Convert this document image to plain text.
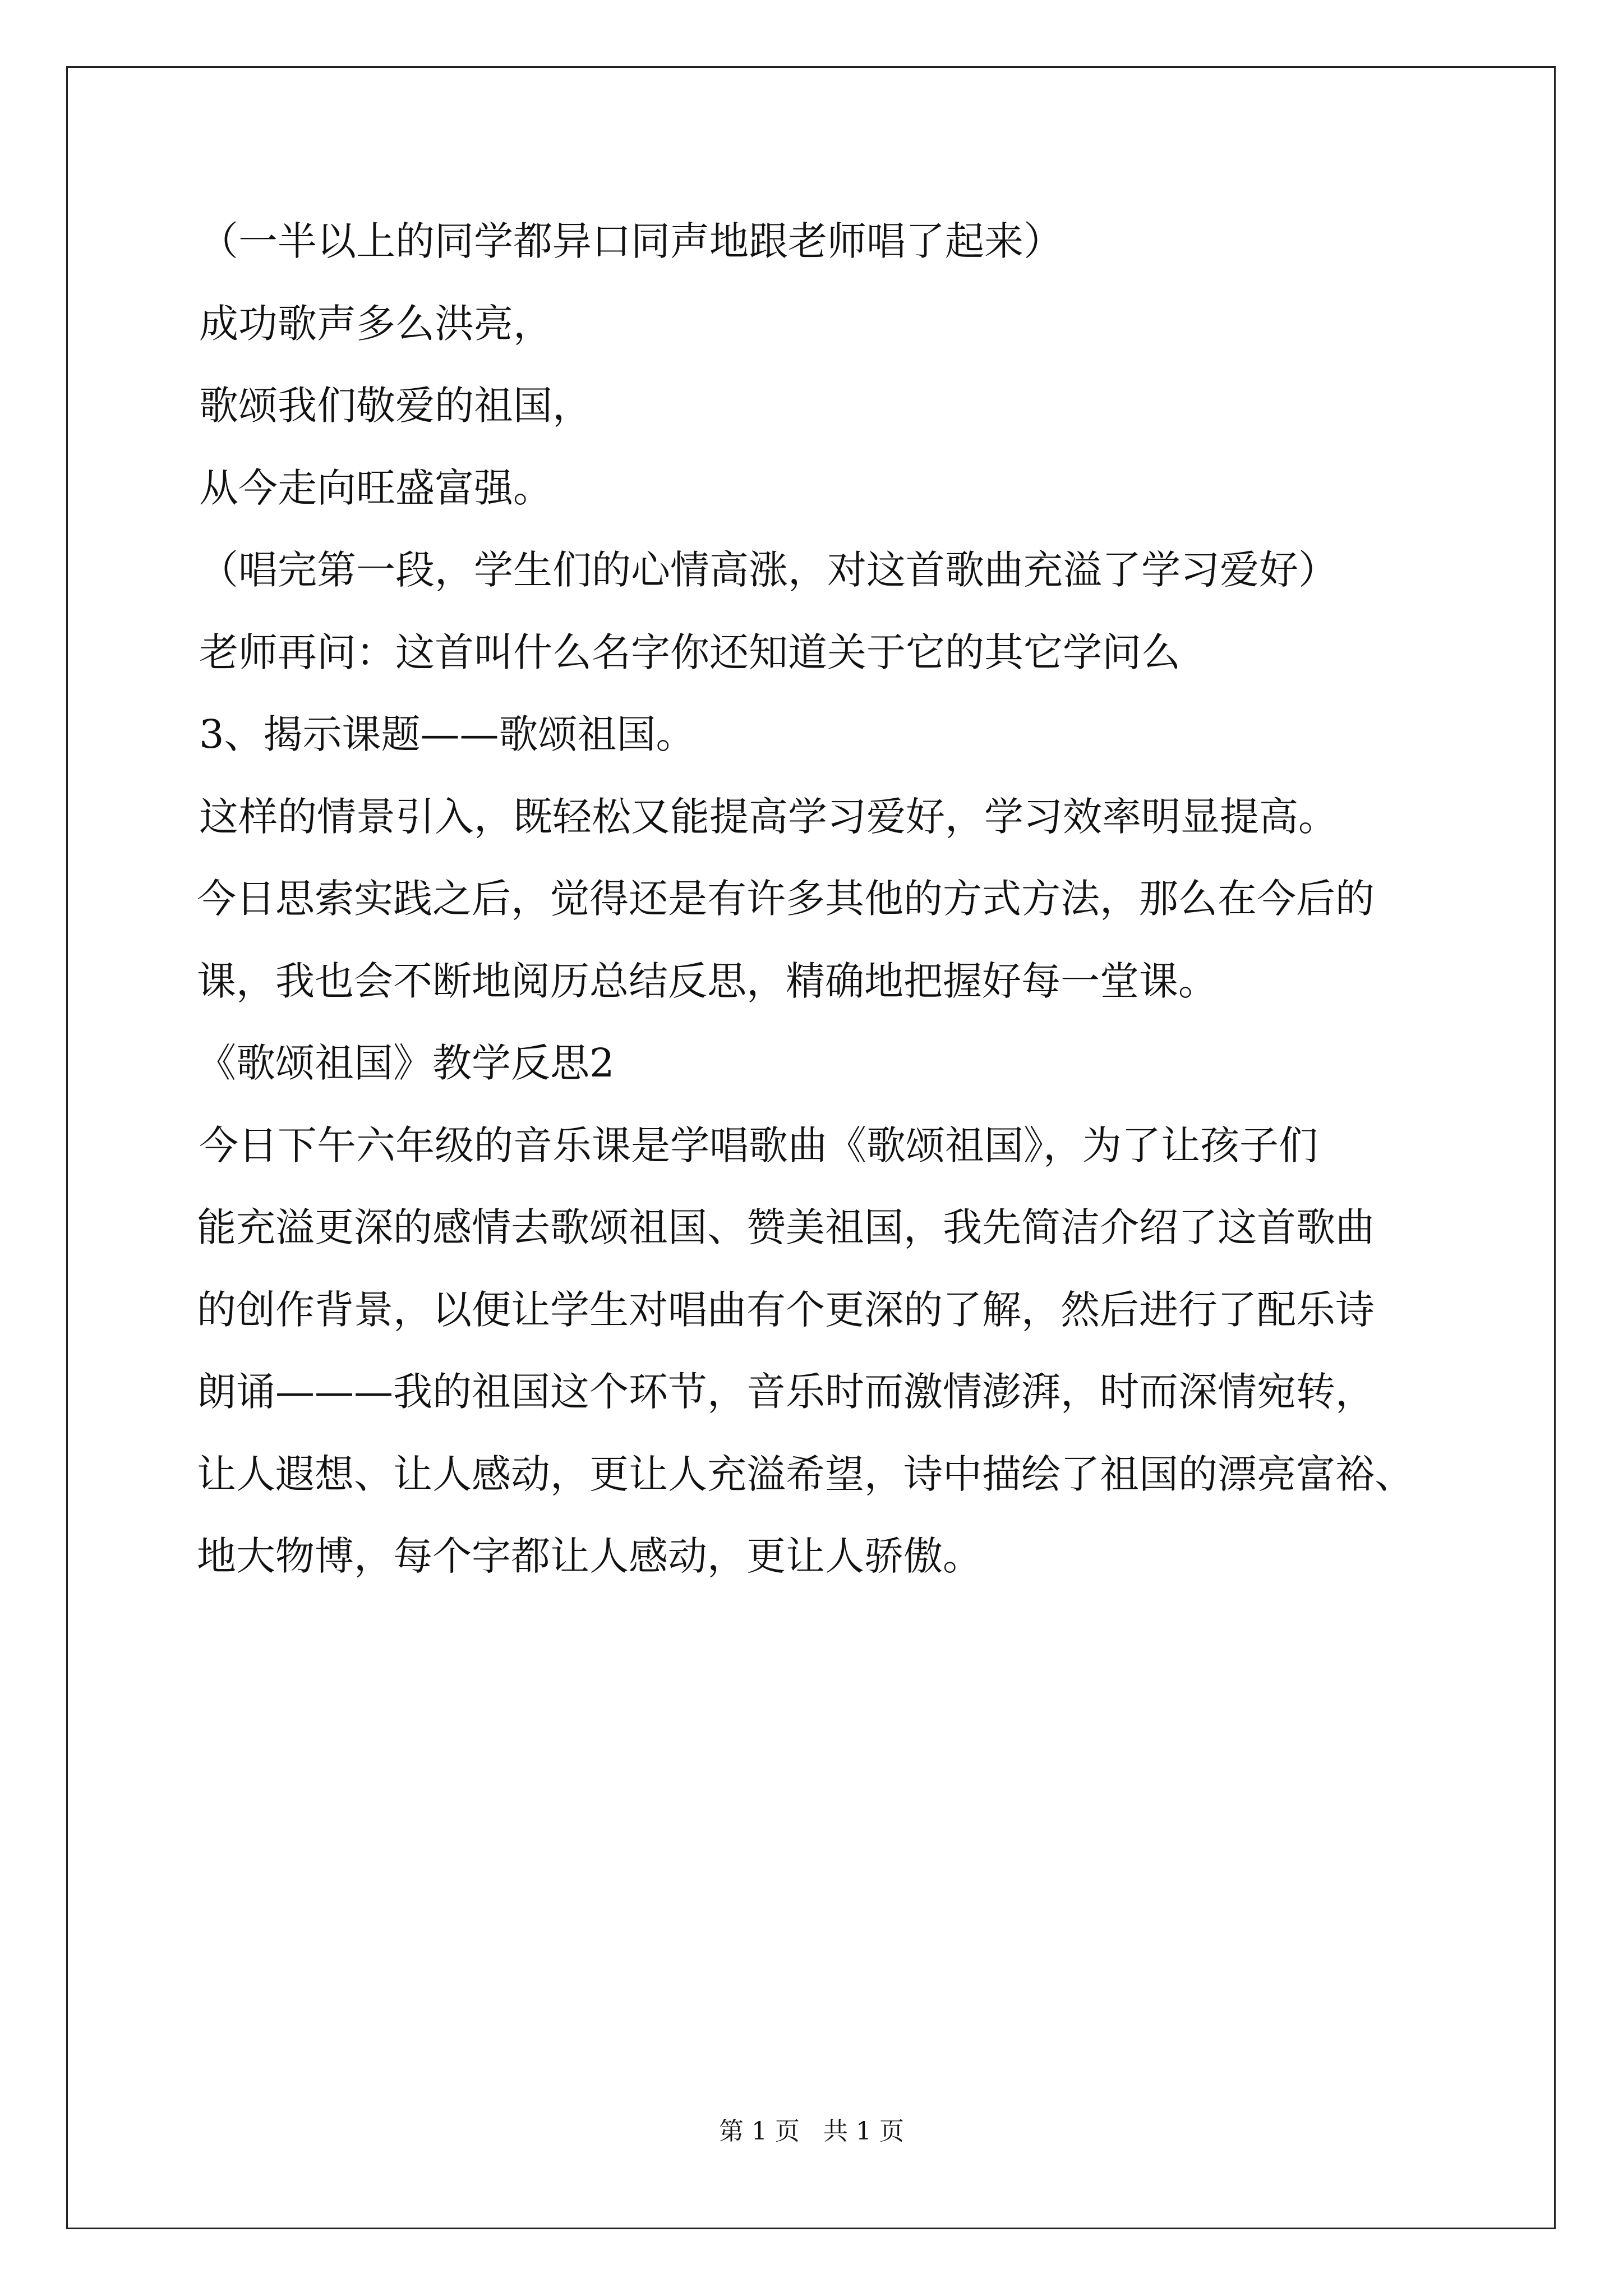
（一半以上的同学都异口同声地跟老师唱了起来）
成功歌声多么洪亮，
歌颂我们敬爱的祖国，
从今走向旺盛富强。
（唱完第一段，学生们的心情高涨，对这首歌曲充溢了学习爱好）
老师再问：这首叫什么名字你还知道关于它的其它学问么
3、揭示课题——歌颂祖国。
这样的情景引入，既轻松又能提高学习爱好，学习效率明显提高。
今日思索实践之后，觉得还是有许多其他的方式方法，那么在今后的
课，我也会不断地阅历总结反思，精确地把握好每一堂课。
《歌颂祖国》教学反思2
今日下午六年级的音乐课是学唱歌曲《歌颂祖国》，为了让孩子们
能充溢更深的感情去歌颂祖国、赞美祖国，我先简洁介绍了这首歌曲
的创作背景，以便让学生对唱曲有个更深的了解，然后进行了配乐诗
朗诵———我的祖国这个环节，音乐时而激情澎湃，时而深情宛转，
让人遐想、让人感动，更让人充溢希望，诗中描绘了祖国的漂亮富裕、
地大物博，每个字都让人感动，更让人骄傲。
第 1 页   共 1 页
